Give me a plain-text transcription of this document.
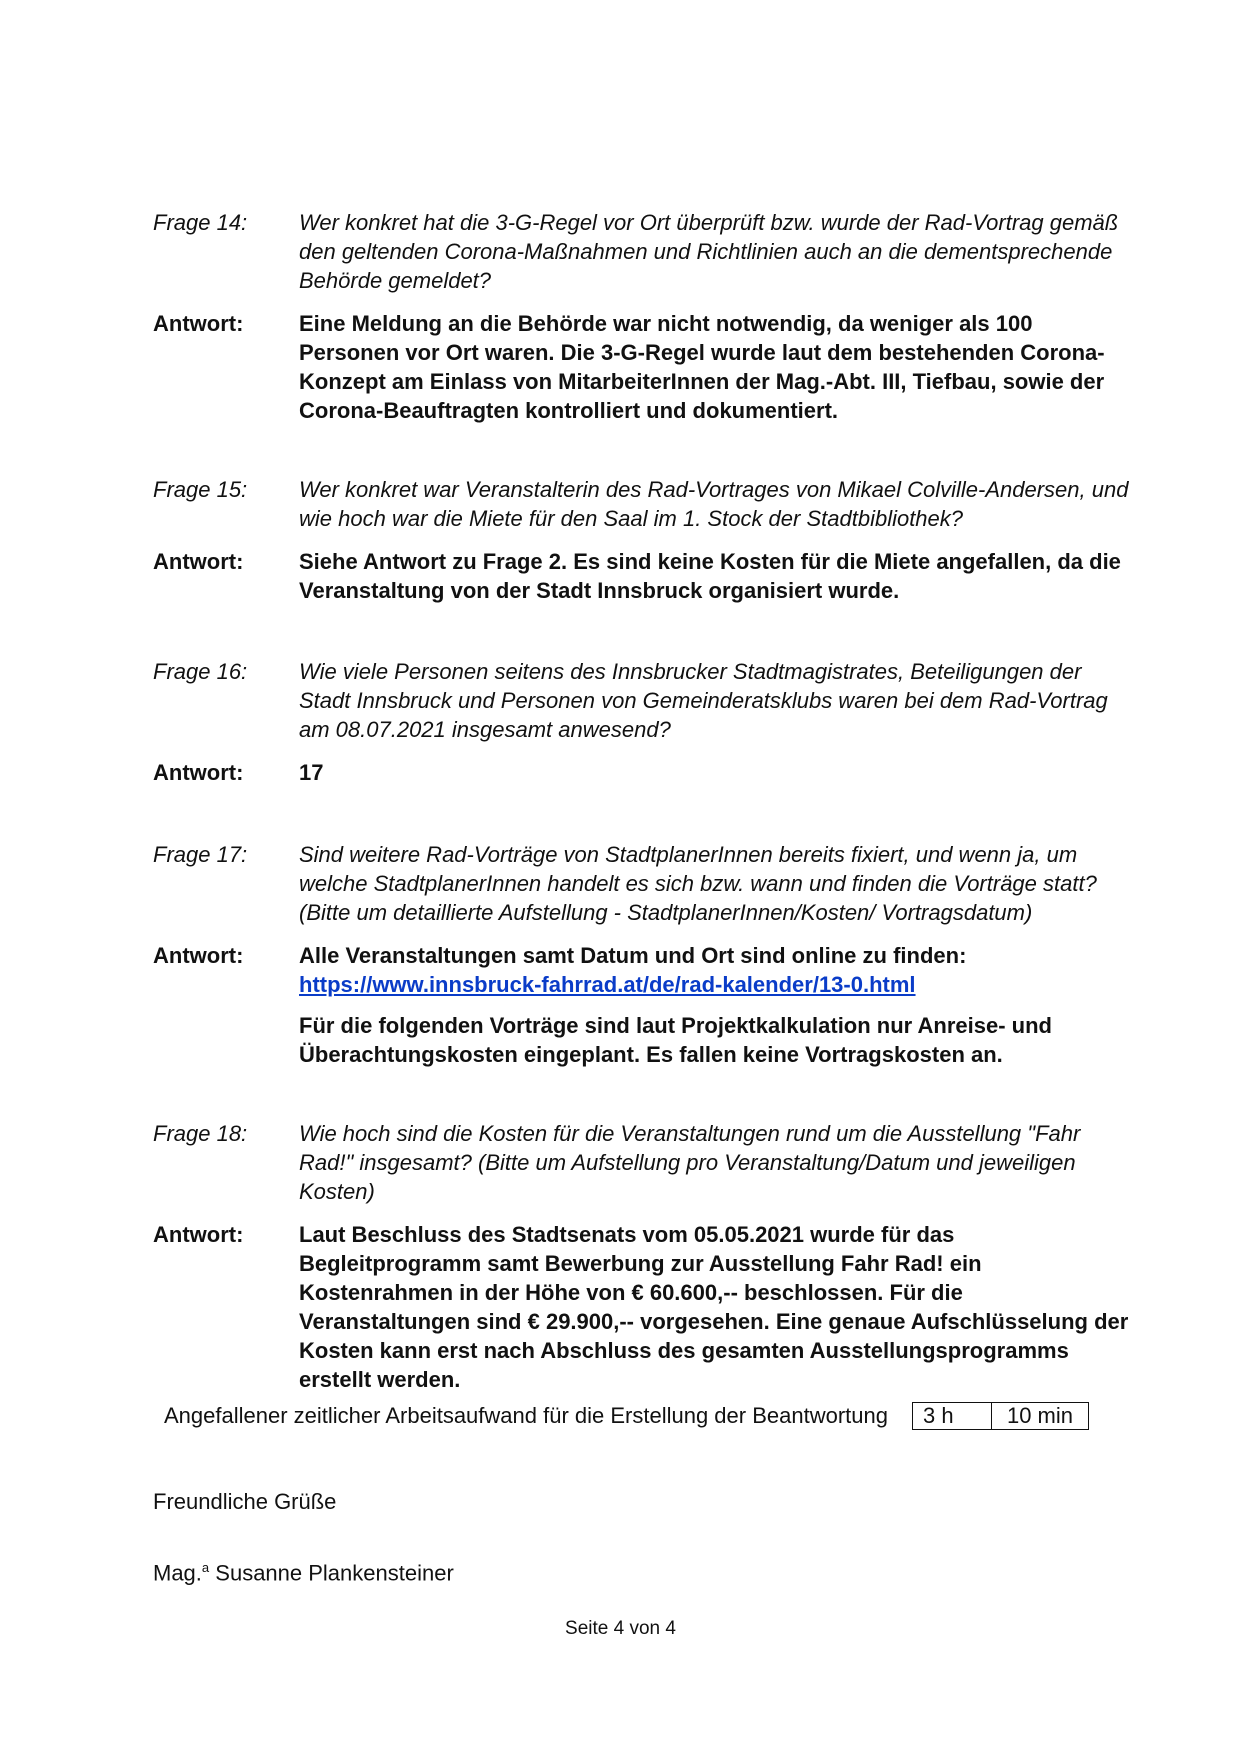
Frage 14:	Wer konkret hat die 3-G-Regel vor Ort überprüft bzw. wurde der Rad-Vortrag gemäß den geltenden Corona-Maßnahmen und Richtlinien auch an die dementsprechende Behörde gemeldet?
Antwort:	Eine Meldung an die Behörde war nicht notwendig, da weniger als 100 Personen vor Ort waren. Die 3-G-Regel wurde laut dem bestehenden Corona-Konzept am Einlass von MitarbeiterInnen der Mag.-Abt. III, Tiefbau, sowie der Corona-Beauftragten kontrolliert und dokumentiert.
Frage 15:	Wer konkret war Veranstalterin des Rad-Vortrages von Mikael Colville-Andersen, und wie hoch war die Miete für den Saal im 1. Stock der Stadtbibliothek?
Antwort:	Siehe Antwort zu Frage 2. Es sind keine Kosten für die Miete angefallen, da die Veranstaltung von der Stadt Innsbruck organisiert wurde.
Frage 16:	Wie viele Personen seitens des Innsbrucker Stadtmagistrates, Beteiligungen der Stadt Innsbruck und Personen von Gemeinderatsklubs waren bei dem Rad-Vortrag am 08.07.2021 insgesamt anwesend?
Antwort:	17
Frage 17:	Sind weitere Rad-Vorträge von StadtplanerInnen bereits fixiert, und wenn ja, um welche StadtplanerInnen handelt es sich bzw. wann und finden die Vorträge statt? (Bitte um detaillierte Aufstellung - StadtplanerInnen/Kosten/ Vortragsdatum)
Antwort:	Alle Veranstaltungen samt Datum und Ort sind online zu finden:
https://www.innsbruck-fahrrad.at/de/rad-kalender/13-0.html

Für die folgenden Vorträge sind laut Projektkalkulation nur Anreise- und Überachtungskosten eingeplant. Es fallen keine Vortragskosten an.

Frage 18:	Wie hoch sind die Kosten für die Veranstaltungen rund um die Ausstellung "Fahr Rad!" insgesamt? (Bitte um Aufstellung pro Veranstaltung/Datum und jeweiligen Kosten)
Antwort:	Laut Beschluss des Stadtsenats vom 05.05.2021 wurde für das Begleitprogramm samt Bewerbung zur Ausstellung Fahr Rad! ein Kostenrahmen in der Höhe von € 60.600,-- beschlossen. Für die Veranstaltungen sind € 29.900,-- vorgesehen. Eine genaue Aufschlüsselung der Kosten kann erst nach Abschluss des gesamten Ausstellungsprogramms erstellt werden.
Angefallener zeitlicher Arbeitsaufwand für die Erstellung der Beantwortung	3 h	10 min
Freundliche Grüße
Mag.$^a$ Susanne Plankensteiner
Seite 4 von 4
